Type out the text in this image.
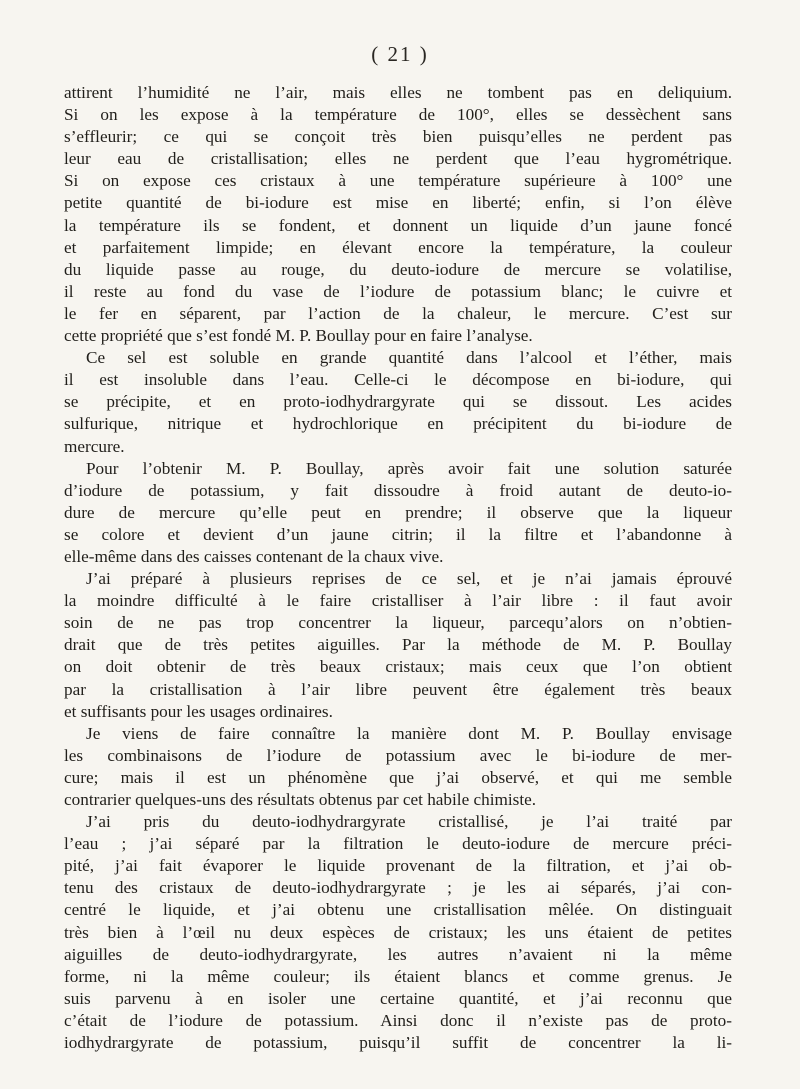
( 21 )
attirent l’humidité ne l’air, mais elles ne tombent pas en deliquium.
Si on les expose à la température de 100°, elles se dessèchent sans
s’effleurir; ce qui se conçoit très bien puisqu’elles ne perdent pas
leur eau de cristallisation; elles ne perdent que l’eau hygrométrique.
Si on expose ces cristaux à une température supérieure à 100° une
petite quantité de bi-iodure est mise en liberté; enfin, si l’on élève
la température ils se fondent, et donnent un liquide d’un jaune foncé
et parfaitement limpide; en élevant encore la température, la couleur
du liquide passe au rouge, du deuto-iodure de mercure se volatilise,
il reste au fond du vase de l’iodure de potassium blanc; le cuivre et
le fer en séparent, par l’action de la chaleur, le mercure. C’est sur
cette propriété que s’est fondé M. P. Boullay pour en faire l’analyse.
Ce sel est soluble en grande quantité dans l’alcool et l’éther, mais
il est insoluble dans l’eau. Celle-ci le décompose en bi-iodure, qui
se précipite, et en proto-iodhydrargyrate qui se dissout. Les acides
sulfurique, nitrique et hydrochlorique en précipitent du bi-iodure de
mercure.
Pour l’obtenir M. P. Boullay, après avoir fait une solution saturée
d’iodure de potassium, y fait dissoudre à froid autant de deuto-io-
dure de mercure qu’elle peut en prendre; il observe que la liqueur
se colore et devient d’un jaune citrin; il la filtre et l’abandonne à
elle-même dans des caisses contenant de la chaux vive.
J’ai préparé à plusieurs reprises de ce sel, et je n’ai jamais éprouvé
la moindre difficulté à le faire cristalliser à l’air libre : il faut avoir
soin de ne pas trop concentrer la liqueur, parcequ’alors on n’obtien-
drait que de très petites aiguilles. Par la méthode de M. P. Boullay
on doit obtenir de très beaux cristaux; mais ceux que l’on obtient
par la cristallisation à l’air libre peuvent être également très beaux
et suffisants pour les usages ordinaires.
Je viens de faire connaître la manière dont M. P. Boullay envisage
les combinaisons de l’iodure de potassium avec le bi-iodure de mer-
cure; mais il est un phénomène que j’ai observé, et qui me semble
contrarier quelques-uns des résultats obtenus par cet habile chimiste.
J’ai pris du deuto-iodhydrargyrate cristallisé, je l’ai traité par
l’eau ; j’ai séparé par la filtration le deuto-iodure de mercure préci-
pité, j’ai fait évaporer le liquide provenant de la filtration, et j’ai ob-
tenu des cristaux de deuto-iodhydrargyrate ; je les ai séparés, j’ai con-
centré le liquide, et j’ai obtenu une cristallisation mêlée. On distinguait
très bien à l’œil nu deux espèces de cristaux; les uns étaient de petites
aiguilles de deuto-iodhydrargyrate, les autres n’avaient ni la même
forme, ni la même couleur; ils étaient blancs et comme grenus. Je
suis parvenu à en isoler une certaine quantité, et j’ai reconnu que
c’était de l’iodure de potassium. Ainsi donc il n’existe pas de proto-
iodhydrargyrate de potassium, puisqu’il suffit de concentrer la li-
